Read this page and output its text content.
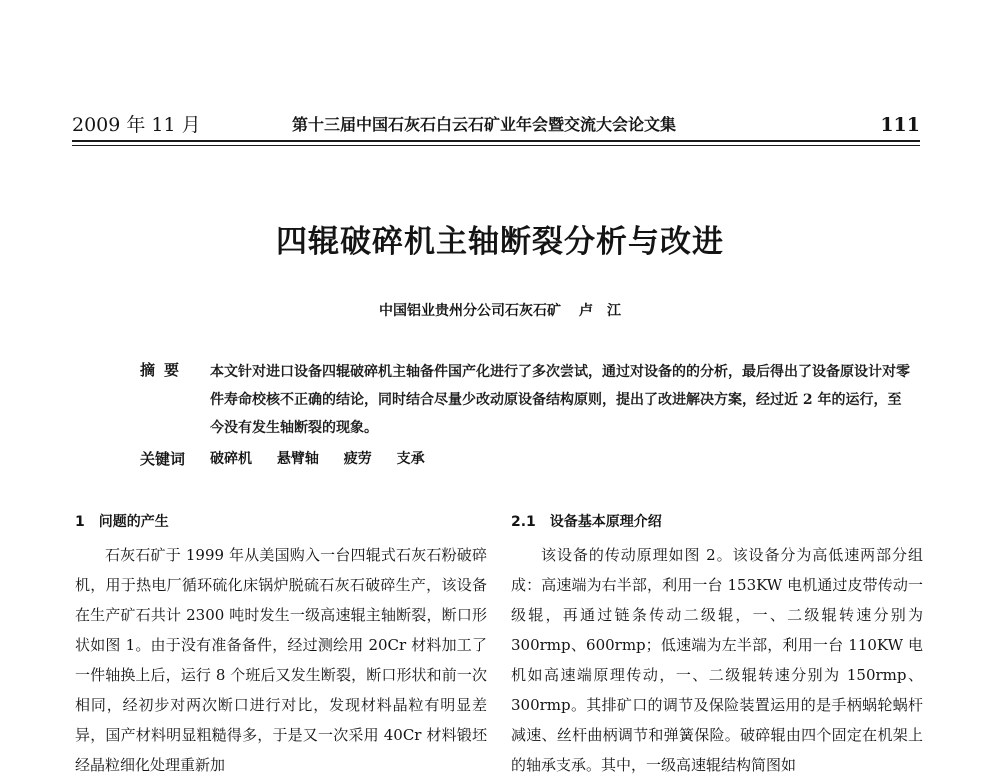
2009 年 11 月	第十三届中国石灰石白云石矿业年会暨交流大会论文集	111
四辊破碎机主轴断裂分析与改进
中国铝业贵州分公司石灰石矿 卢　江
摘要 本文针对进口设备四辊破碎机主轴备件国产化进行了多次尝试，通过对设备的的分析，最后得出了设备原设计对零件寿命校核不正确的结论，同时结合尽量少改动原设备结构原则，提出了改进解决方案，经过近 2 年的运行，至今没有发生轴断裂的现象。
关键词 破碎机 悬臂轴 疲劳 支承
1　问题的产生

石灰石矿于 1999 年从美国购入一台四辊式石灰石粉破碎机，用于热电厂循环硫化床锅炉脱硫石灰石破碎生产，该设备在生产矿石共计 2300 吨时发生一级高速辊主轴断裂，断口形状如图 1。由于没有准备备件，经过测绘用 20Cr 材料加工了一件轴换上后，运行 8 个班后又发生断裂，断口形状和前一次相同，经初步对两次断口进行对比，发现材料晶粒有明显差异，国产材料明显粗糙得多，于是又一次采用 40Cr 材料锻坯经晶粒细化处理重新加

2.1　设备基本原理介绍

该设备的传动原理如图 2。该设备分为高低速两部分组成：高速端为右半部，利用一台 153KW 电机通过皮带传动一级辊，再通过链条传动二级辊，一、二级辊转速分别为 300rmp、600rmp；低速端为左半部，利用一台 110KW 电机如高速端原理传动，一、二级辊转速分别为 150rmp、300rmp。其排矿口的调节及保险装置运用的是手柄蜗轮蜗杆减速、丝杆曲柄调节和弹簧保险。破碎辊由四个固定在机架上的轴承支承。其中，一级高速辊结构简图如
